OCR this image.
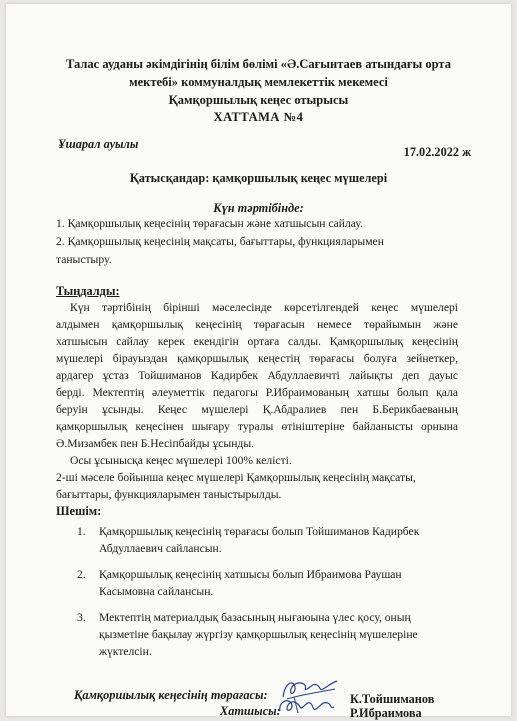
Талас ауданы әкімдігінің білім бөлімі «Ә.Сағынтаев атындағы орта
мектебі» коммуналдық мемлекеттік мекемесі
Қамқоршылық кеңес отырысы
ХАТТАМА №4
Ұшарал ауылы
17.02.2022 ж
Қатысқандар: қамқоршылық кеңес мүшелері
Күн тәртібінде:
1. Қамқоршылық кеңесінің төрағасын және хатшысын сайлау.
2. Қамқоршылық кеңесінің мақсаты, бағыттары, функцияларымен
таныстыру.
Тыңдалды:
Күн тәртібінің бірінші мәселесінде көрсетілгендей кеңес мүшелері
алдымен қамқоршылық кеңесінің төрағасын немесе төрайымын және
хатшысын сайлау керек екендігін ортаға салды. Қамқоршылық кеңесінің
мүшелері бірауыздан қамқоршылық кеңестің төрағасы болуға зейнеткер,
ардагер ұстаз Тойшиманов Кадирбек Абдуллаевичті лайықты деп дауыс
берді. Мектептің әлеуметтік педагогы Р.Ибраимованың хатшы болып қала
беруін ұсынды. Кеңес мүшелері Қ.Абдралиев пен Б.Берикбаеваның
қамқоршылық кеңесінен шығару туралы өтініштеріне байланысты орнына
Ә.Мизамбек пен Б.Несіпбайды ұсынды.
Осы ұсынысқа кеңес мүшелері 100% келісті.
2-ші мәселе бойынша кеңес мүшелері Қамқоршылық кеңесінің мақсаты,
бағыттары, функцияларымен таныстырылды.
Шешім:
1. Қамқоршылық кеңесінің төрағасы болып Тойшиманов Кадирбек
Абдуллаевич сайлансын.
2. Қамқоршылық кеңесінің хатшысы болып Ибраимова Раушан
Касымовна сайлансын.
3. Мектептің материалдық базасының нығаюына үлес қосу, оның
қызметіне бақылау жүргізу қамқоршылық кеңесінің мүшелеріне
жүктелсін.
Қамқоршылық кеңесінің төрағасы:	К.Тойшиманов
Хатшысы:	Р.Ибраимова
